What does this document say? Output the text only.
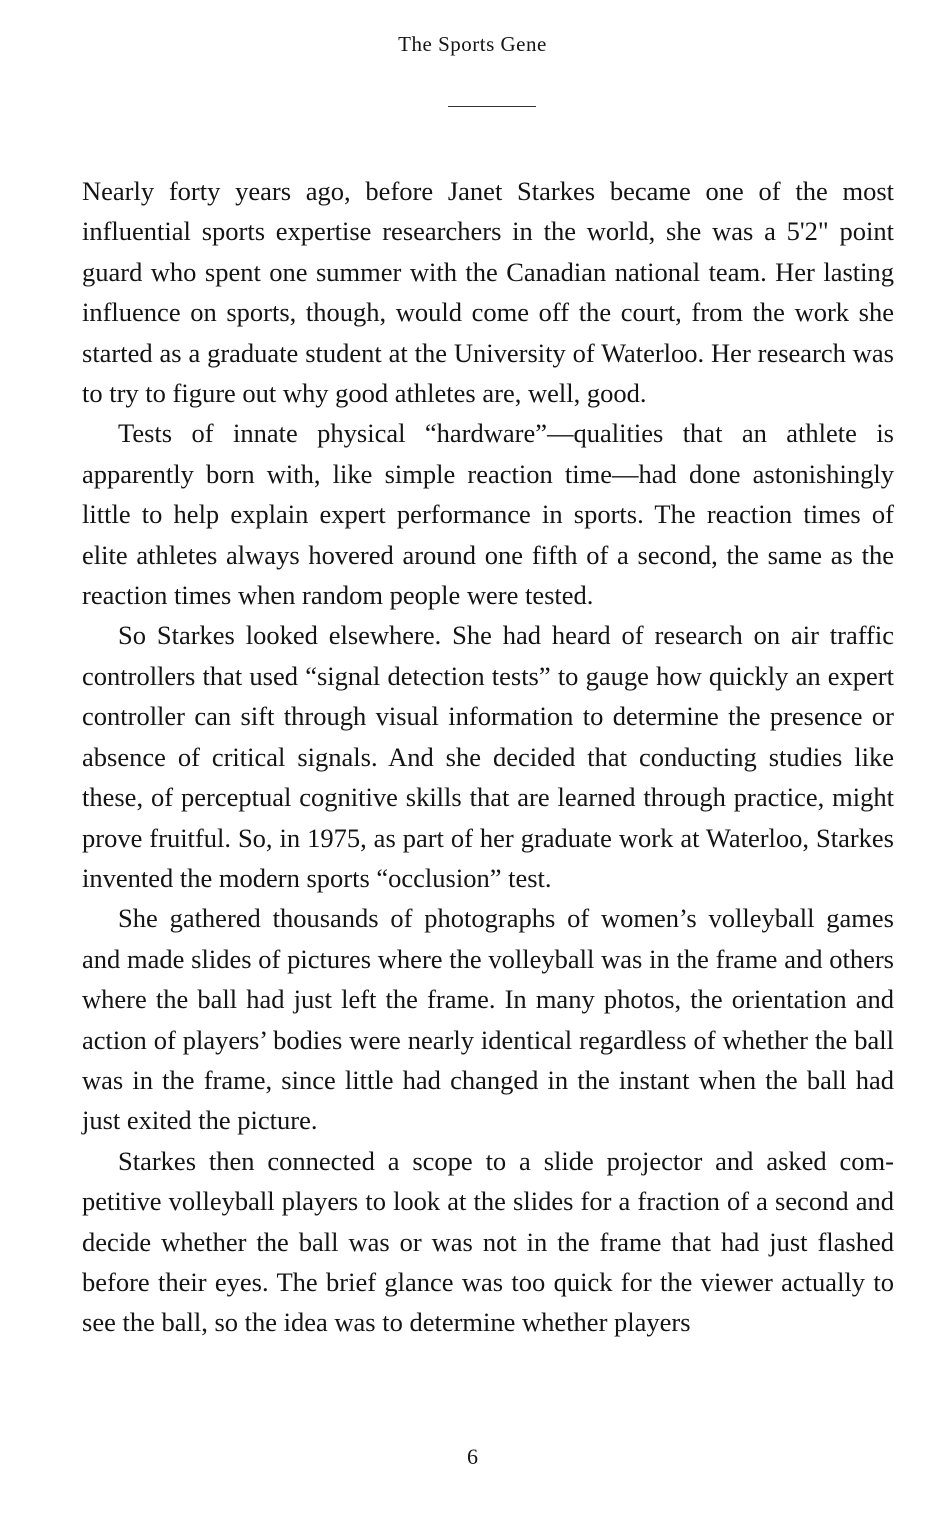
The Sports Gene

Nearly forty years ago, before Janet Starkes became one of the most influential sports expertise researchers in the world, she was a 5'2" point guard who spent one summer with the Canadian national team. Her lasting influence on sports, though, would come off the court, from the work she started as a graduate student at the University of Waterloo. Her research was to try to figure out why good athletes are, well, good.

Tests of innate physical “hardware”—qualities that an athlete is apparently born with, like simple reaction time—had done astonishingly little to help explain expert performance in sports. The reaction times of elite athletes always hovered around one fifth of a second, the same as the reaction times when random people were tested.

So Starkes looked elsewhere. She had heard of research on air traffic controllers that used “signal detection tests” to gauge how quickly an expert controller can sift through visual information to determine the presence or absence of critical signals. And she decided that conducting studies like these, of perceptual cognitive skills that are learned through practice, might prove fruitful. So, in 1975, as part of her graduate work at Waterloo, Starkes invented the modern sports “occlusion” test.

She gathered thousands of photographs of women’s volleyball games and made slides of pictures where the volleyball was in the frame and others where the ball had just left the frame. In many photos, the orientation and action of players’ bodies were nearly identical regardless of whether the ball was in the frame, since little had changed in the instant when the ball had just exited the picture.

Starkes then connected a scope to a slide projector and asked competitive volleyball players to look at the slides for a fraction of a second and decide whether the ball was or was not in the frame that had just flashed before their eyes. The brief glance was too quick for the viewer actually to see the ball, so the idea was to determine whether players

6
